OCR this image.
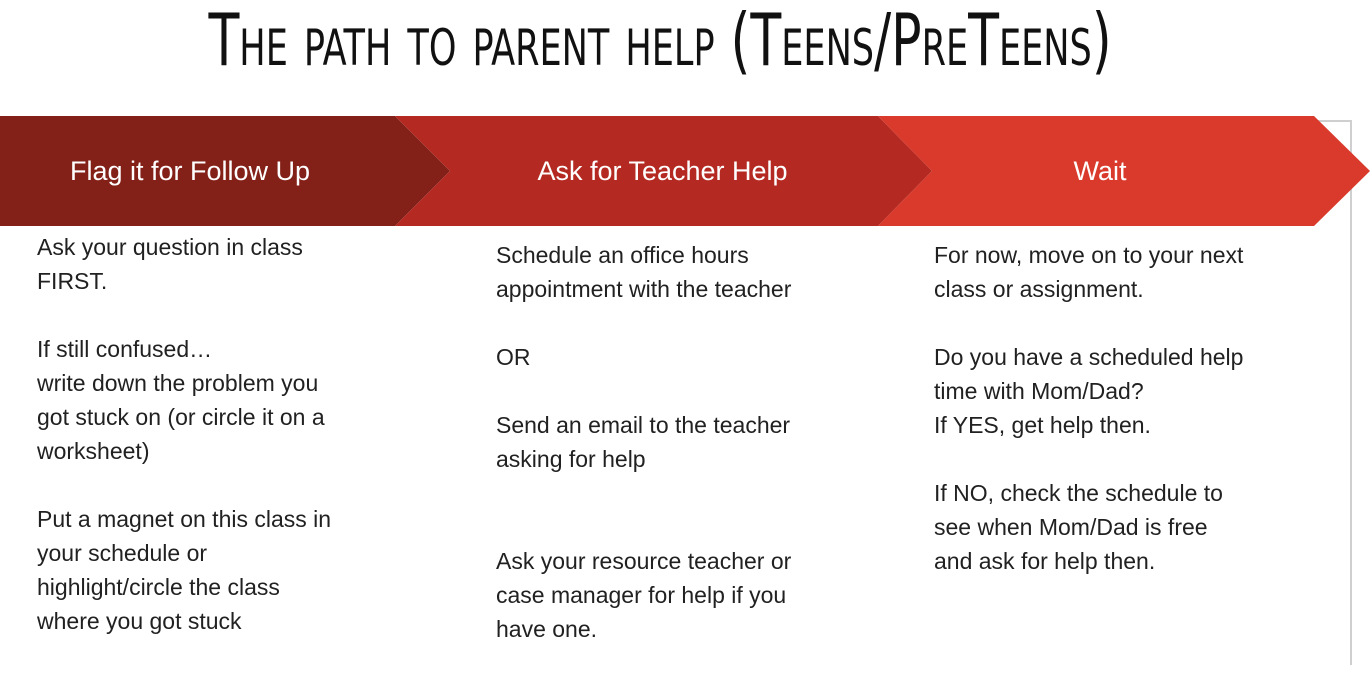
The path to parent help (Teens/PreTeens)
Flag it for Follow Up	Ask for Teacher Help	Wait

Ask your question in class
FIRST.

If still confused…
write down the problem you
got stuck on (or circle it on a
worksheet)

Put a magnet on this class in
your schedule or
highlight/circle the class
where you got stuck

Schedule an office hours
appointment with the teacher

OR

Send an email to the teacher
asking for help

Ask your resource teacher or
case manager for help if you
have one.

For now, move on to your next
class or assignment.

Do you have a scheduled help
time with Mom/Dad?
If YES, get help then.

If NO, check the schedule to
see when Mom/Dad is free
and ask for help then.
